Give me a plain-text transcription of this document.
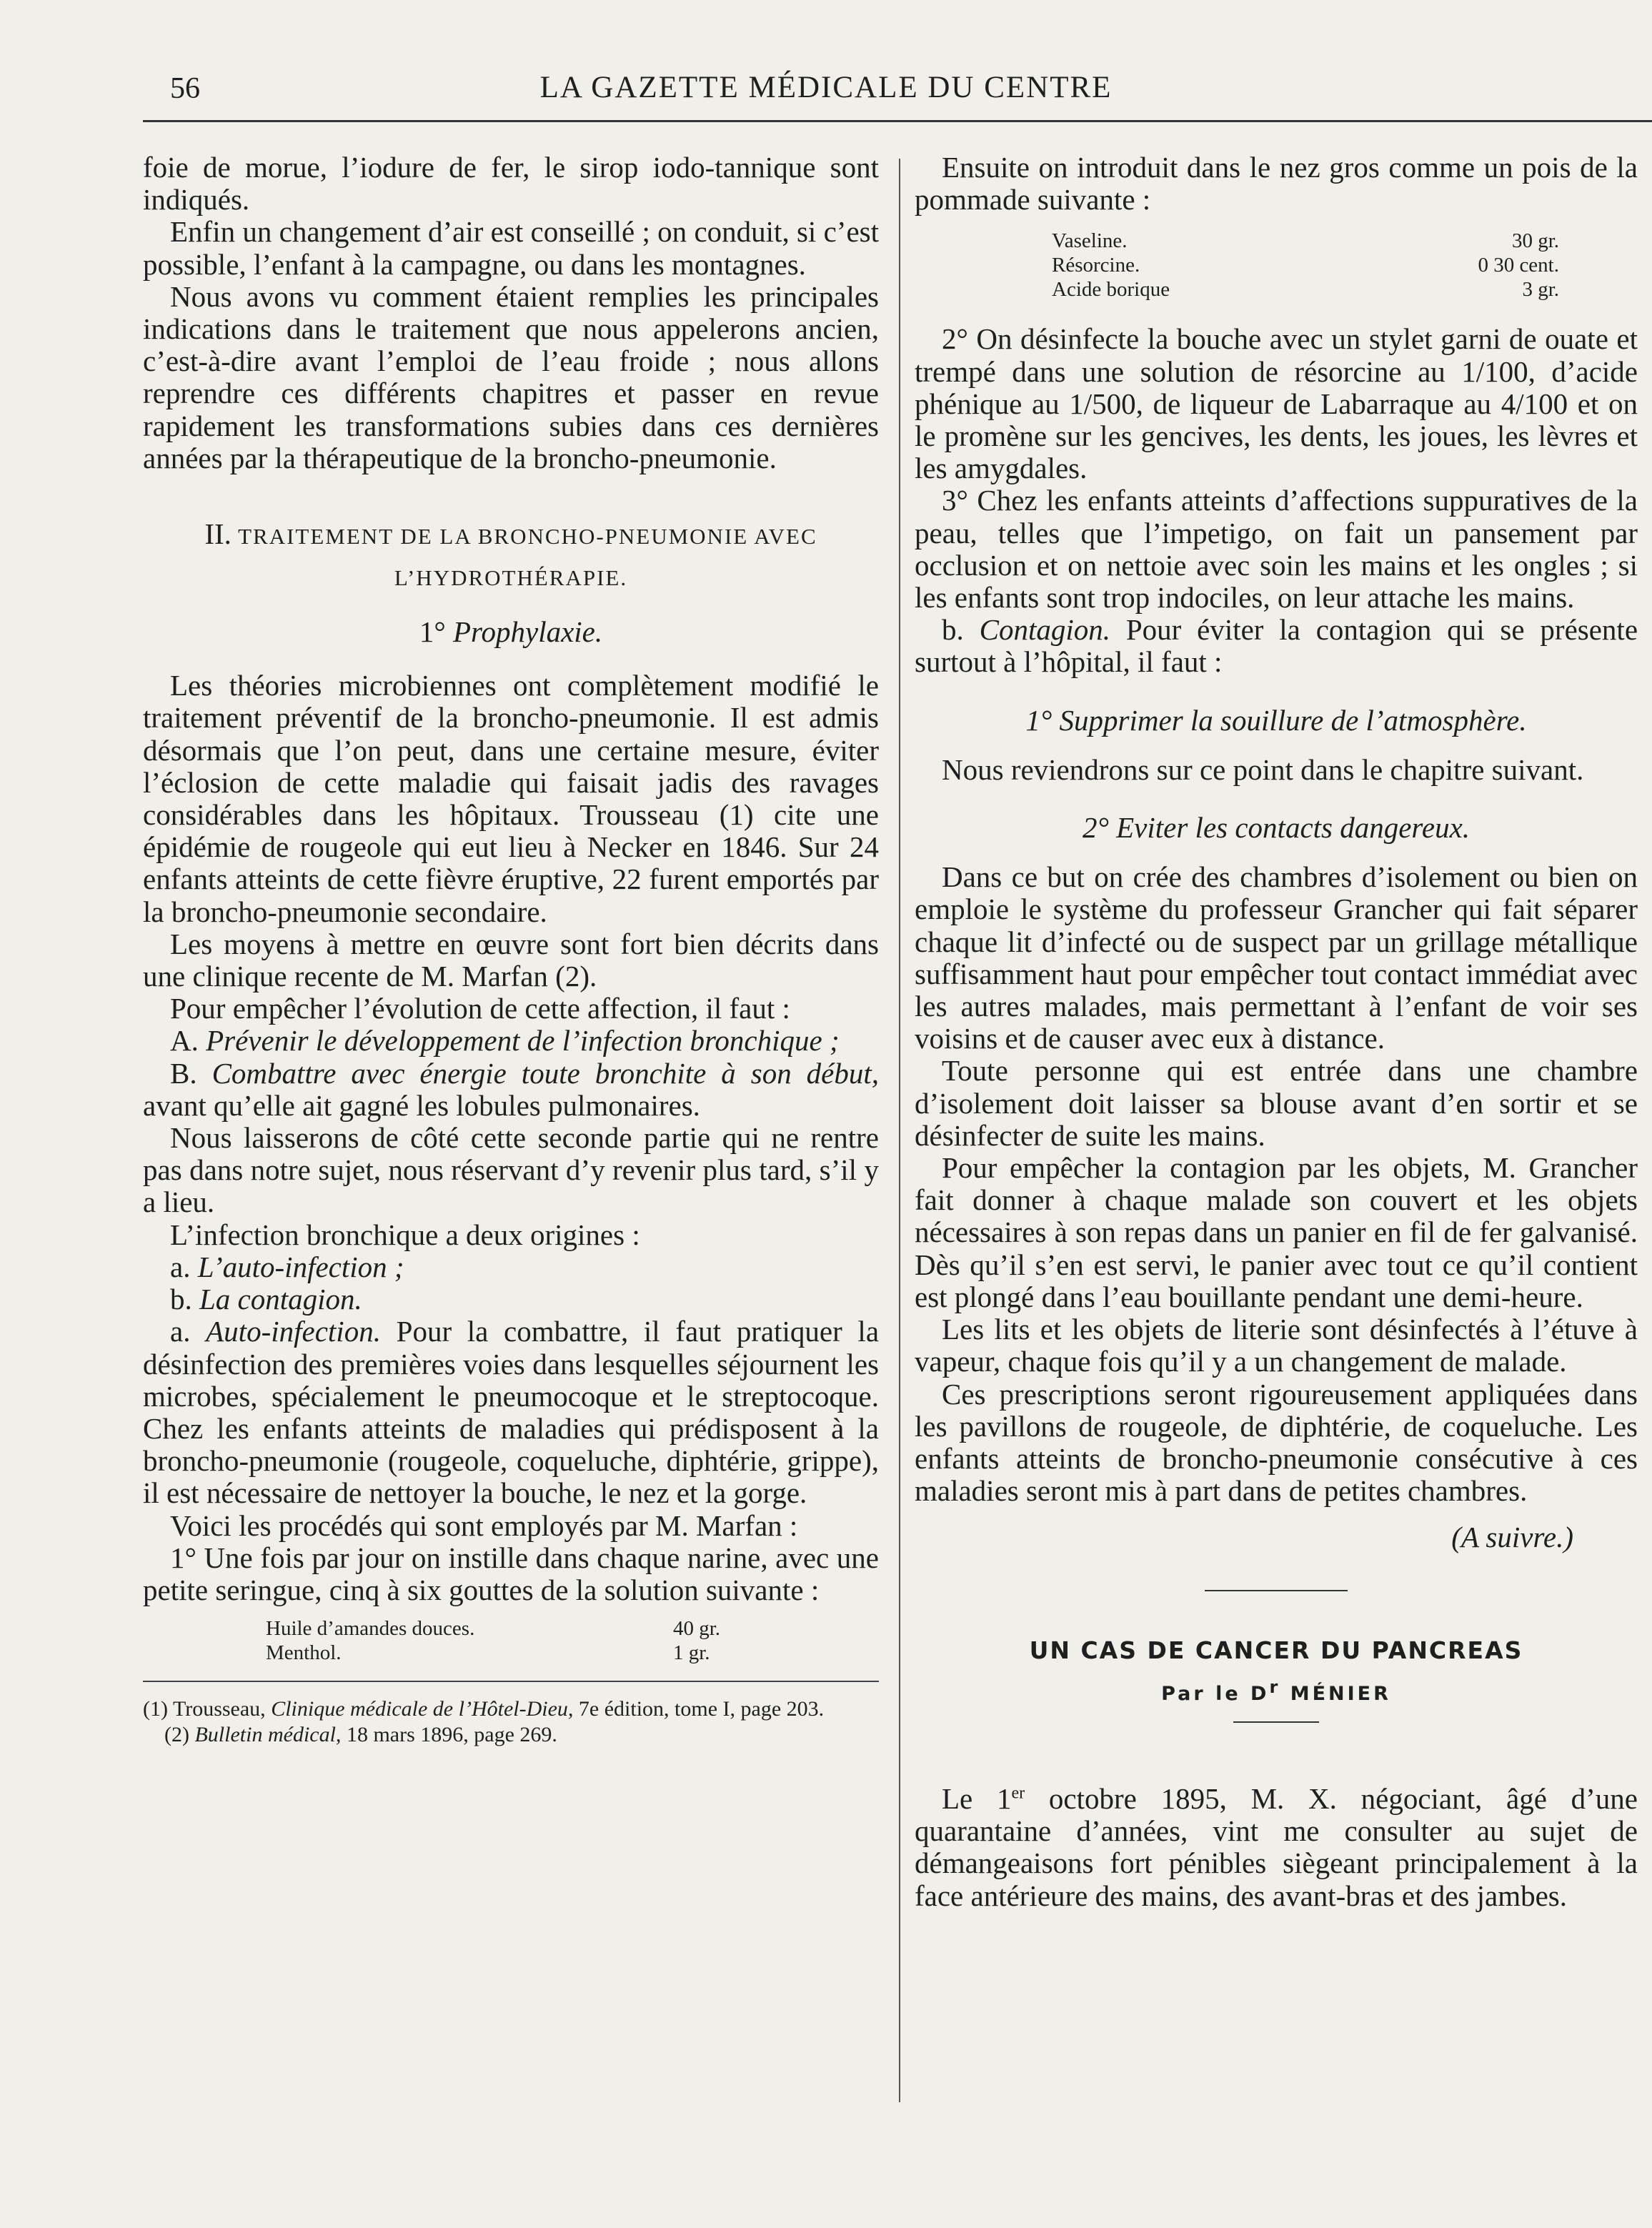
56	LA GAZETTE MÉDICALE DU CENTRE

foie de morue, l’iodure de fer, le sirop iodo-tannique sont indiqués.

Enfin un changement d’air est conseillé ; on conduit, si c’est possible, l’enfant à la campagne, ou dans les montagnes.

Nous avons vu comment étaient remplies les principales indications dans le traitement que nous appelerons ancien, c’est-à-dire avant l’emploi de l’eau froide ; nous allons reprendre ces différents chapitres et passer en revue rapidement les transformations subies dans ces dernières années par la thérapeutique de la broncho-pneumonie.

II. TRAITEMENT DE LA BRONCHO-PNEUMONIE AVEC
L’HYDROTHÉRAPIE.
1° Prophylaxie.

Les théories microbiennes ont complètement modifié le traitement préventif de la broncho-pneumonie. Il est admis désormais que l’on peut, dans une certaine mesure, éviter l’éclosion de cette maladie qui faisait jadis des ravages considérables dans les hôpitaux. Trousseau (1) cite une épidémie de rougeole qui eut lieu à Necker en 1846. Sur 24 enfants atteints de cette fièvre éruptive, 22 furent emportés par la broncho-pneumonie secondaire.

Les moyens à mettre en œuvre sont fort bien décrits dans une clinique recente de M. Marfan (2).

Pour empêcher l’évolution de cette affection, il faut :

A. Prévenir le développement de l’infection bronchique ;

B. Combattre avec énergie toute bronchite à son début, avant qu’elle ait gagné les lobules pulmonaires.

Nous laisserons de côté cette seconde partie qui ne rentre pas dans notre sujet, nous réservant d’y revenir plus tard, s’il y a lieu.

L’infection bronchique a deux origines :

a. L’auto-infection ;

b. La contagion.

a. Auto-infection. Pour la combattre, il faut pratiquer la désinfection des premières voies dans lesquelles séjournent les microbes, spécialement le pneumocoque et le streptocoque. Chez les enfants atteints de maladies qui prédisposent à la broncho-pneumonie (rougeole, coqueluche, diphtérie, grippe), il est nécessaire de nettoyer la bouche, le nez et la gorge.

Voici les procédés qui sont employés par M. Marfan :

1° Une fois par jour on instille dans chaque narine, avec une petite seringue, cinq à six gouttes de la solution suivante :

Huile d’amandes douces.	40 gr.
Menthol.	1 gr.
(1) Trousseau, Clinique médicale de l’Hôtel-Dieu, 7e édition, tome I, page 203.
(2) Bulletin médical, 18 mars 1896, page 269.

Ensuite on introduit dans le nez gros comme un pois de la pommade suivante :

Vaseline.	30 gr.
Résorcine.	0 30 cent.
Acide borique	3 gr.

2° On désinfecte la bouche avec un stylet garni de ouate et trempé dans une solution de résorcine au 1/100, d’acide phénique au 1/500, de liqueur de Labarraque au 4/100 et on le promène sur les gencives, les dents, les joues, les lèvres et les amygdales.

3° Chez les enfants atteints d’affections suppuratives de la peau, telles que l’impetigo, on fait un pansement par occlusion et on nettoie avec soin les mains et les ongles ; si les enfants sont trop indociles, on leur attache les mains.

b. Contagion. Pour éviter la contagion qui se présente surtout à l’hôpital, il faut :

1° Supprimer la souillure de l’atmosphère.

Nous reviendrons sur ce point dans le chapitre suivant.

2° Eviter les contacts dangereux.

Dans ce but on crée des chambres d’isolement ou bien on emploie le système du professeur Grancher qui fait séparer chaque lit d’infecté ou de suspect par un grillage métallique suffisamment haut pour empêcher tout contact immédiat avec les autres malades, mais permettant à l’enfant de voir ses voisins et de causer avec eux à distance.

Toute personne qui est entrée dans une chambre d’isolement doit laisser sa blouse avant d’en sortir et se désinfecter de suite les mains.

Pour empêcher la contagion par les objets, M. Grancher fait donner à chaque malade son couvert et les objets nécessaires à son repas dans un panier en fil de fer galvanisé. Dès qu’il s’en est servi, le panier avec tout ce qu’il contient est plongé dans l’eau bouillante pendant une demi-heure.

Les lits et les objets de literie sont désinfectés à l’étuve à vapeur, chaque fois qu’il y a un changement de malade.

Ces prescriptions seront rigoureusement appliquées dans les pavillons de rougeole, de diphtérie, de coqueluche. Les enfants atteints de broncho-pneumonie consécutive à ces maladies seront mis à part dans de petites chambres.

(A suivre.)
UN CAS DE CANCER DU PANCREAS
Par le $D^r$ MÉNIER

Le 1er octobre 1895, M. X. négociant, âgé d’une quarantaine d’années, vint me consulter au sujet de démangeaisons fort pénibles siègeant principalement à la face antérieure des mains, des avant-bras et des jambes.
